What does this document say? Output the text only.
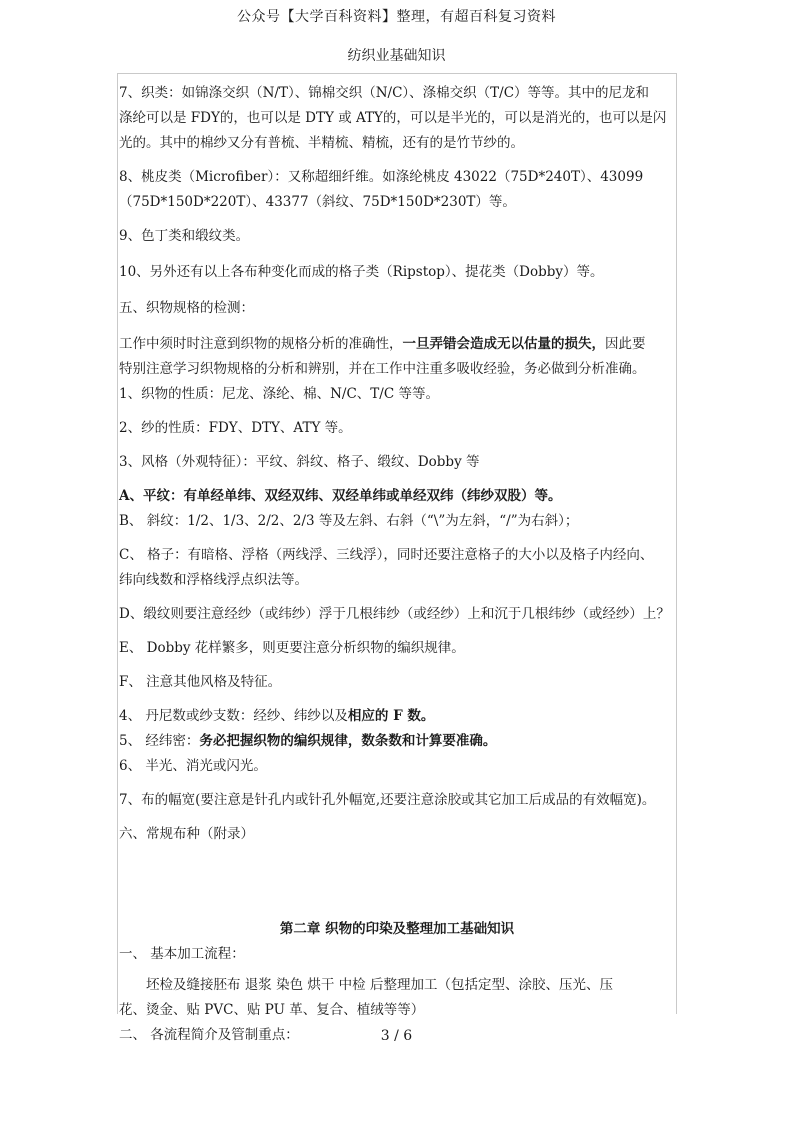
公众号【大学百科资料】整理，有超百科复习资料
纺织业基础知识

7、织类：如锦涤交织（N/T）、锦棉交织（N/C）、涤棉交织（T/C）等等。其中的尼龙和

涤纶可以是 FDY的，也可以是 DTY 或 ATY的，可以是半光的，可以是消光的，也可以是闪

光的。其中的棉纱又分有普梳、半精梳、精梳，还有的是竹节纱的。

8、桃皮类（Microfiber）：又称超细纤维。如涤纶桃皮 43022（75D*240T）、43099

（75D*150D*220T）、43377（斜纹、75D*150D*230T）等。

9、色丁类和缎纹类。

10、另外还有以上各布种变化而成的格子类（Ripstop）、提花类（Dobby）等。

五、织物规格的检测：

工作中须时时注意到织物的规格分析的准确性，一旦弄错会造成无以估量的损失，因此要

特别注意学习织物规格的分析和辨别，并在工作中注重多吸收经验，务必做到分析准确。

1、织物的性质：尼龙、涤纶、棉、N/C、T/C 等等。

2、纱的性质：FDY、DTY、ATY 等。

3、风格（外观特征）：平纹、斜纹、格子、缎纹、Dobby 等

A、平纹：有单经单纬、双经双纬、双经单纬或单经双纬（纬纱双股）等。

B、 斜纹：1/2、1/3、2/2、2/3 等及左斜、右斜（“\”为左斜，“/”为右斜）；

C、 格子：有暗格、浮格（两线浮、三线浮），同时还要注意格子的大小以及格子内经向、

纬向线数和浮格线浮点织法等。

D、缎纹则要注意经纱（或纬纱）浮于几根纬纱（或经纱）上和沉于几根纬纱（或经纱）上？

E、 Dobby 花样繁多，则更要注意分析织物的编织规律。

F、 注意其他风格及特征。

4、 丹尼数或纱支数：经纱、纬纱以及相应的 F 数。

5、 经纬密：务必把握织物的编织规律，数条数和计算要准确。

6、 半光、消光或闪光。

7、布的幅宽(要注意是针孔内或针孔外幅宽,还要注意涂胶或其它加工后成品的有效幅宽)。

六、常规布种（附录）

第二章 织物的印染及整理加工基础知识

一、 基本加工流程：

坯检及缝接胚布 退浆 染色 烘干 中检 后整理加工（包括定型、涂胶、压光、压

花、烫金、贴 PVC、贴 PU 革、复合、植绒等等）

二、 各流程简介及管制重点：	3 / 6
